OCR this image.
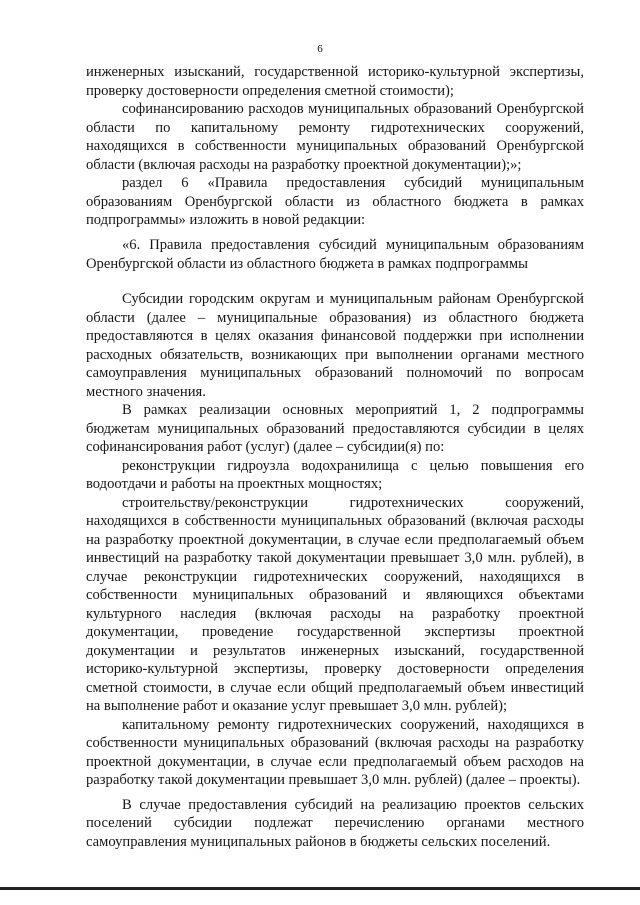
6

инженерных изысканий, государственной историко-культурной экспертизы, проверку достоверности определения сметной стоимости);

софинансированию расходов муниципальных образований Оренбургской области по капитальному ремонту гидротехнических сооружений, находящихся в собственности муниципальных образований Оренбургской области (включая расходы на разработку проектной документации);»;

раздел 6 «Правила предоставления субсидий муниципальным образованиям Оренбургской области из областного бюджета в рамках подпрограммы» изложить в новой редакции:

«6. Правила предоставления субсидий муниципальным образованиям Оренбургской области из областного бюджета в рамках подпрограммы

Субсидии городским округам и муниципальным районам Оренбургской области (далее – муниципальные образования) из областного бюджета предоставляются в целях оказания финансовой поддержки при исполнении расходных обязательств, возникающих при выполнении органами местного самоуправления муниципальных образований полномочий по вопросам местного значения.

В рамках реализации основных мероприятий 1, 2 подпрограммы бюджетам муниципальных образований предоставляются субсидии в целях софинансирования работ (услуг) (далее – субсидии(я) по:

реконструкции гидроузла водохранилища с целью повышения его водоотдачи и работы на проектных мощностях;

строительству/реконструкции гидротехнических сооружений, находящихся в собственности муниципальных образований (включая расходы на разработку проектной документации, в случае если предполагаемый объем инвестиций на разработку такой документации превышает 3,0 млн. рублей), в случае реконструкции гидротехнических сооружений, находящихся в собственности муниципальных образований и являющихся объектами культурного наследия (включая расходы на разработку проектной документации, проведение государственной экспертизы проектной документации и результатов инженерных изысканий, государственной историко-культурной экспертизы, проверку достоверности определения сметной стоимости, в случае если общий предполагаемый объем инвестиций на выполнение работ и оказание услуг превышает 3,0 млн. рублей);

капитальному ремонту гидротехнических сооружений, находящихся в собственности муниципальных образований (включая расходы на разработку проектной документации, в случае если предполагаемый объем расходов на разработку такой документации превышает 3,0 млн. рублей) (далее – проекты).

В случае предоставления субсидий на реализацию проектов сельских поселений субсидии подлежат перечислению органами местного самоуправления муниципальных районов в бюджеты сельских поселений.
